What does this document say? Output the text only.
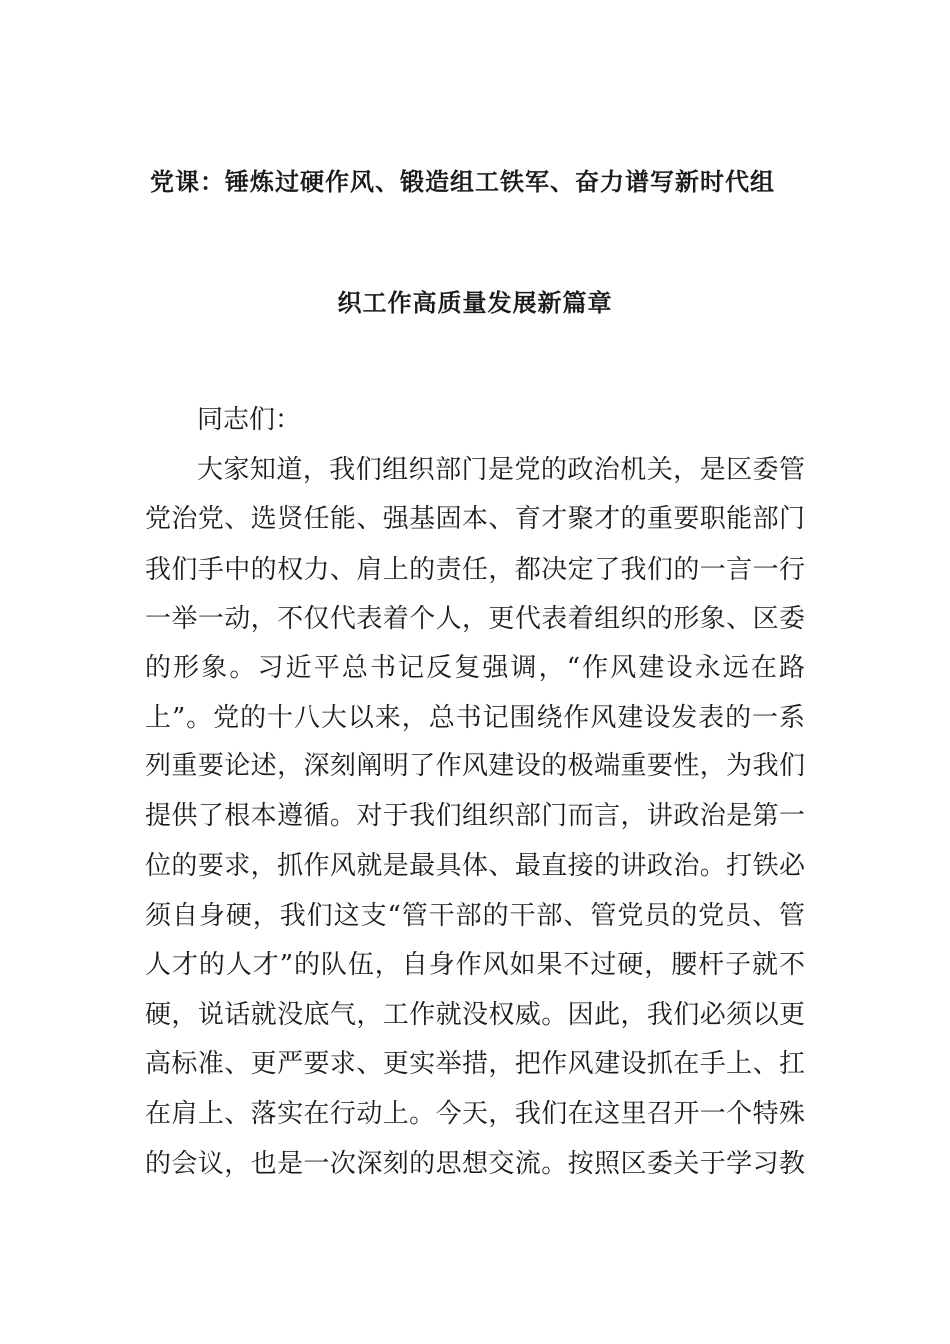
党课：锤炼过硬作风、锻造组工铁军、奋力谱写新时代组
织工作高质量发展新篇章
同志们：
大家知道，我们组织部门是党的政治机关，是区委管
党治党、选贤任能、强基固本、育才聚才的重要职能部门
我们手中的权力、肩上的责任，都决定了我们的一言一行
一举一动，不仅代表着个人，更代表着组织的形象、区委
的形象。习近平总书记反复强调，“作风建设永远在路
上”。党的十八大以来，总书记围绕作风建设发表的一系
列重要论述，深刻阐明了作风建设的极端重要性，为我们
提供了根本遵循。对于我们组织部门而言，讲政治是第一
位的要求，抓作风就是最具体、最直接的讲政治。打铁必
须自身硬，我们这支“管干部的干部、管党员的党员、管
人才的人才”的队伍，自身作风如果不过硬，腰杆子就不
硬，说话就没底气，工作就没权威。因此，我们必须以更
高标准、更严要求、更实举措，把作风建设抓在手上、扛
在肩上、落实在行动上。今天，我们在这里召开一个特殊
的会议，也是一次深刻的思想交流。按照区委关于学习教
